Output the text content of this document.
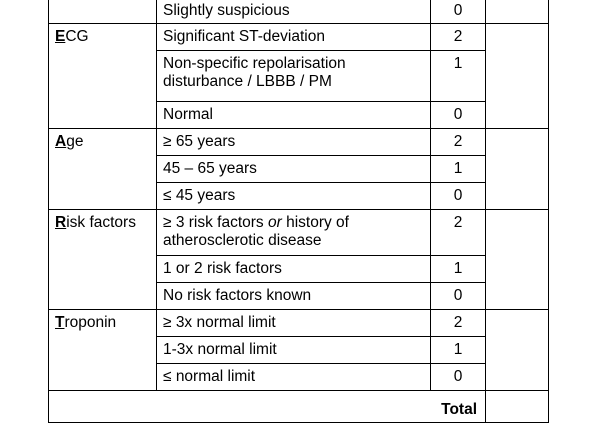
	Slightly suspicious	0	
ECG	Significant ST-deviation	2	
	Non-specific repolarisation disturbance / LBBB / PM	1	
	Normal	0	
Age	≥ 65 years	2	
	45 – 65 years	1	
	≤ 45 years	0	
Risk factors	≥ 3 risk factors or history of atherosclerotic disease	2	
	1 or 2 risk factors	1	
	No risk factors known	0	
Troponin	≥ 3x normal limit	2	
	1-3x normal limit	1	
	≤ normal limit	0	

Total			
